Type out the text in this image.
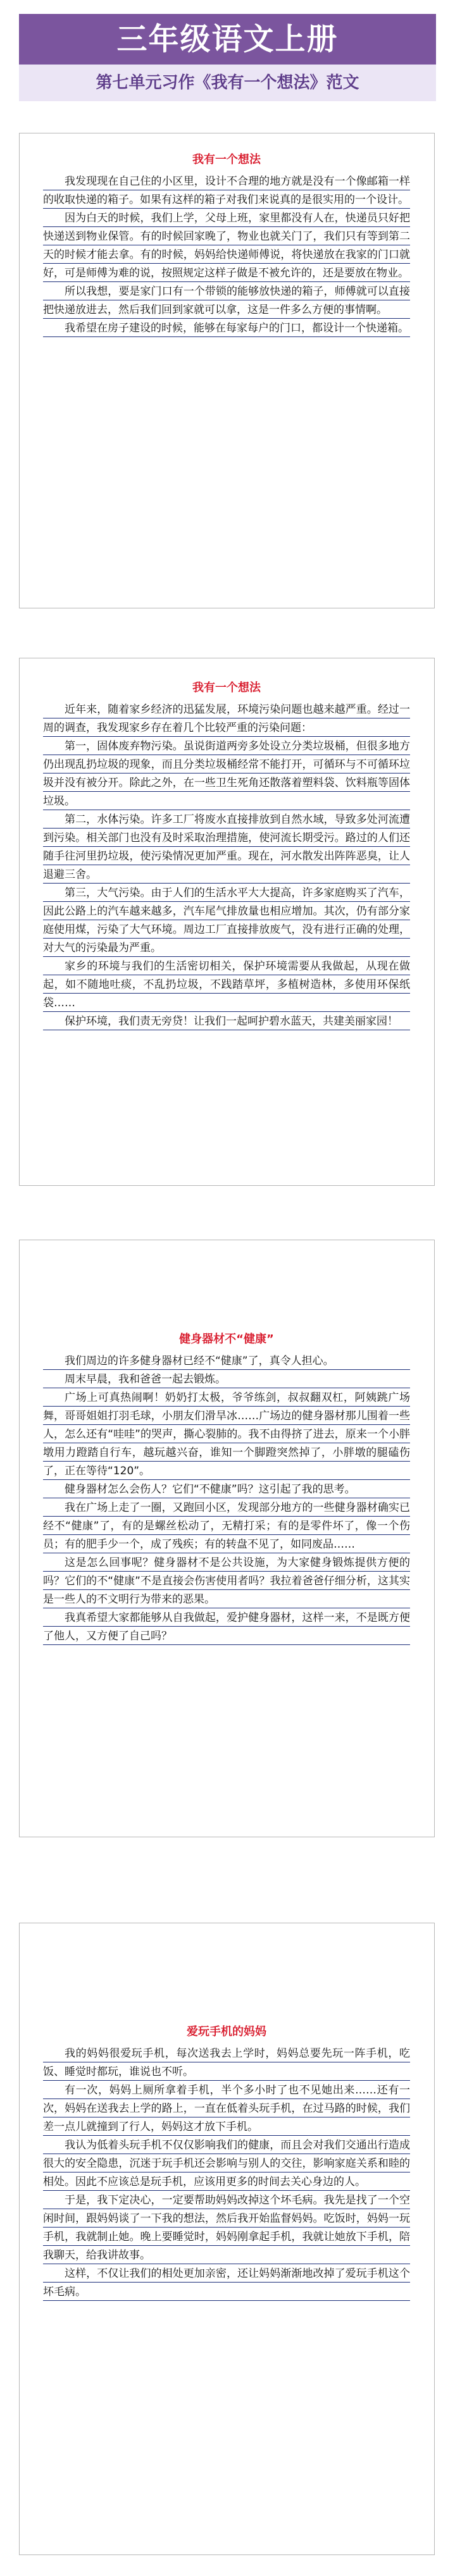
三年级语文上册
第七单元习作《我有一个想法》范文
我有一个想法

我发现现在自己住的小区里，设计不合理的地方就是没有一个像邮箱一样的收取快递的箱子。如果有这样的箱子对我们来说真的是很实用的一个设计。

因为白天的时候，我们上学，父母上班，家里都没有人在，快递员只好把快递送到物业保管。有的时候回家晚了，物业也就关门了，我们只有等到第二天的时候才能去拿。有的时候，妈妈给快递师傅说，将快递放在我家的门口就好，可是师傅为难的说，按照规定这样子做是不被允许的，还是要放在物业。

所以我想，要是家门口有一个带锁的能够放快递的箱子，师傅就可以直接把快递放进去，然后我们回到家就可以拿，这是一件多么方便的事情啊。

我希望在房子建设的时候，能够在每家每户的门口，都设计一个快递箱。

我有一个想法

近年来，随着家乡经济的迅猛发展，环境污染问题也越来越严重。经过一周的调查，我发现家乡存在着几个比较严重的污染问题：

第一，固体废弃物污染。虽说街道两旁多处设立分类垃圾桶，但很多地方仍出现乱扔垃圾的现象，而且分类垃圾桶经常不能打开，可循环与不可循环垃圾并没有被分开。除此之外，在一些卫生死角还散落着塑料袋、饮料瓶等固体垃圾。

第二，水体污染。许多工厂将废水直接排放到自然水域，导致多处河流遭到污染。相关部门也没有及时采取治理措施，使河流长期受污。路过的人们还随手往河里扔垃圾，使污染情况更加严重。现在，河水散发出阵阵恶臭，让人退避三舍。

第三，大气污染。由于人们的生活水平大大提高，许多家庭购买了汽车，因此公路上的汽车越来越多，汽车尾气排放量也相应增加。其次，仍有部分家庭使用煤，污染了大气环境。周边工厂直接排放废气，没有进行正确的处理，对大气的污染最为严重。

家乡的环境与我们的生活密切相关，保护环境需要从我做起，从现在做起，如不随地吐痰，不乱扔垃圾，不践踏草坪，多植树造林，多使用环保纸袋……

保护环境，我们责无旁贷！让我们一起呵护碧水蓝天，共建美丽家园！

健身器材不“健康”

我们周边的许多健身器材已经不“健康”了，真令人担心。

周末早晨，我和爸爸一起去锻炼。

广场上可真热闹啊！奶奶打太极，爷爷练剑，叔叔翻双杠，阿姨跳广场舞，哥哥姐姐打羽毛球，小朋友们滑旱冰……广场边的健身器材那儿围着一些人，怎么还有“哇哇”的哭声，撕心裂肺的。我不由得挤了进去，原来一个小胖墩用力蹬踏自行车，越玩越兴奋，谁知一个脚蹬突然掉了，小胖墩的腿磕伤了，正在等待“120”。

健身器材怎么会伤人？它们“不健康”吗？这引起了我的思考。

我在广场上走了一圈，又跑回小区，发现部分地方的一些健身器材确实已经不“健康”了，有的是螺丝松动了，无精打采；有的是零件坏了，像一个伤员；有的肥手少一个，成了残疾；有的转盘不见了，如同废品……

这是怎么回事呢？健身器材不是公共设施，为大家健身锻炼提供方便的吗？它们的不“健康”不是直接会伤害使用者吗？我拉着爸爸仔细分析，这其实是一些人的不文明行为带来的恶果。

我真希望大家都能够从自我做起，爱护健身器材，这样一来，不是既方便了他人，又方便了自己吗？

爱玩手机的妈妈

我的妈妈很爱玩手机，每次送我去上学时，妈妈总要先玩一阵手机，吃饭、睡觉时都玩，谁说也不听。

有一次，妈妈上厕所拿着手机，半个多小时了也不见她出来……还有一次，妈妈在送我去上学的路上，一直在低着头玩手机，在过马路的时候，我们差一点儿就撞到了行人，妈妈这才放下手机。

我认为低着头玩手机不仅仅影响我们的健康，而且会对我们交通出行造成很大的安全隐患，沉迷于玩手机还会影响与别人的交往，影响家庭关系和睦的相处。因此不应该总是玩手机，应该用更多的时间去关心身边的人。

于是，我下定决心，一定要帮助妈妈改掉这个坏毛病。我先是找了一个空闲时间，跟妈妈谈了一下我的想法，然后我开始监督妈妈。吃饭时，妈妈一玩手机，我就制止她。晚上要睡觉时，妈妈刚拿起手机，我就让她放下手机，陪我聊天，给我讲故事。

这样，不仅让我们的相处更加亲密，还让妈妈渐渐地改掉了爱玩手机这个坏毛病。
